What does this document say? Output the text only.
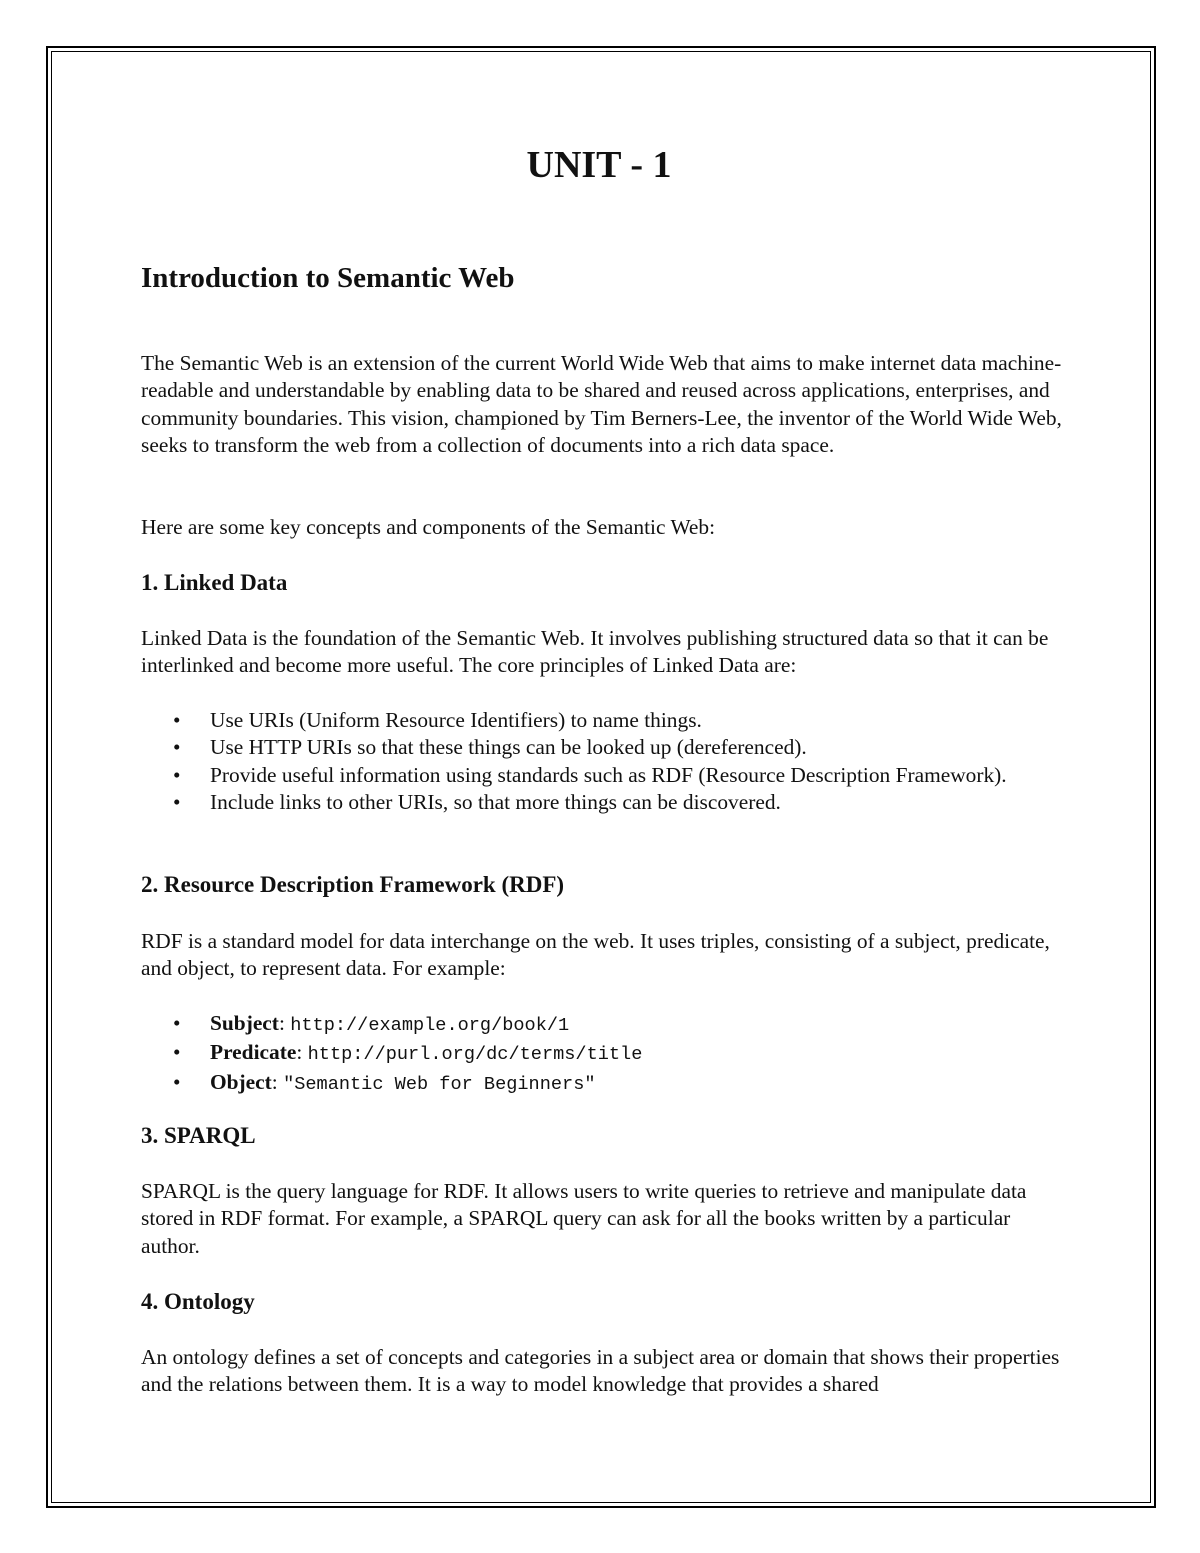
UNIT - 1
Introduction to Semantic Web

The Semantic Web is an extension of the current World Wide Web that aims to make internet data machine-readable and understandable by enabling data to be shared and reused across applications, enterprises, and community boundaries. This vision, championed by Tim Berners-Lee, the inventor of the World Wide Web, seeks to transform the web from a collection of documents into a rich data space.

Here are some key concepts and components of the Semantic Web:

1. Linked Data

Linked Data is the foundation of the Semantic Web. It involves publishing structured data so that it can be interlinked and become more useful. The core principles of Linked Data are:

• Use URIs (Uniform Resource Identifiers) to name things.
• Use HTTP URIs so that these things can be looked up (dereferenced).
• Provide useful information using standards such as RDF (Resource Description Framework).
• Include links to other URIs, so that more things can be discovered.
2. Resource Description Framework (RDF)

RDF is a standard model for data interchange on the web. It uses triples, consisting of a subject, predicate, and object, to represent data. For example:

• Subject: http://example.org/book/1
• Predicate: http://purl.org/dc/terms/title
• Object: "Semantic Web for Beginners"
3. SPARQL

SPARQL is the query language for RDF. It allows users to write queries to retrieve and manipulate data stored in RDF format. For example, a SPARQL query can ask for all the books written by a particular author.

4. Ontology

An ontology defines a set of concepts and categories in a subject area or domain that shows their properties and the relations between them. It is a way to model knowledge that provides a shared
